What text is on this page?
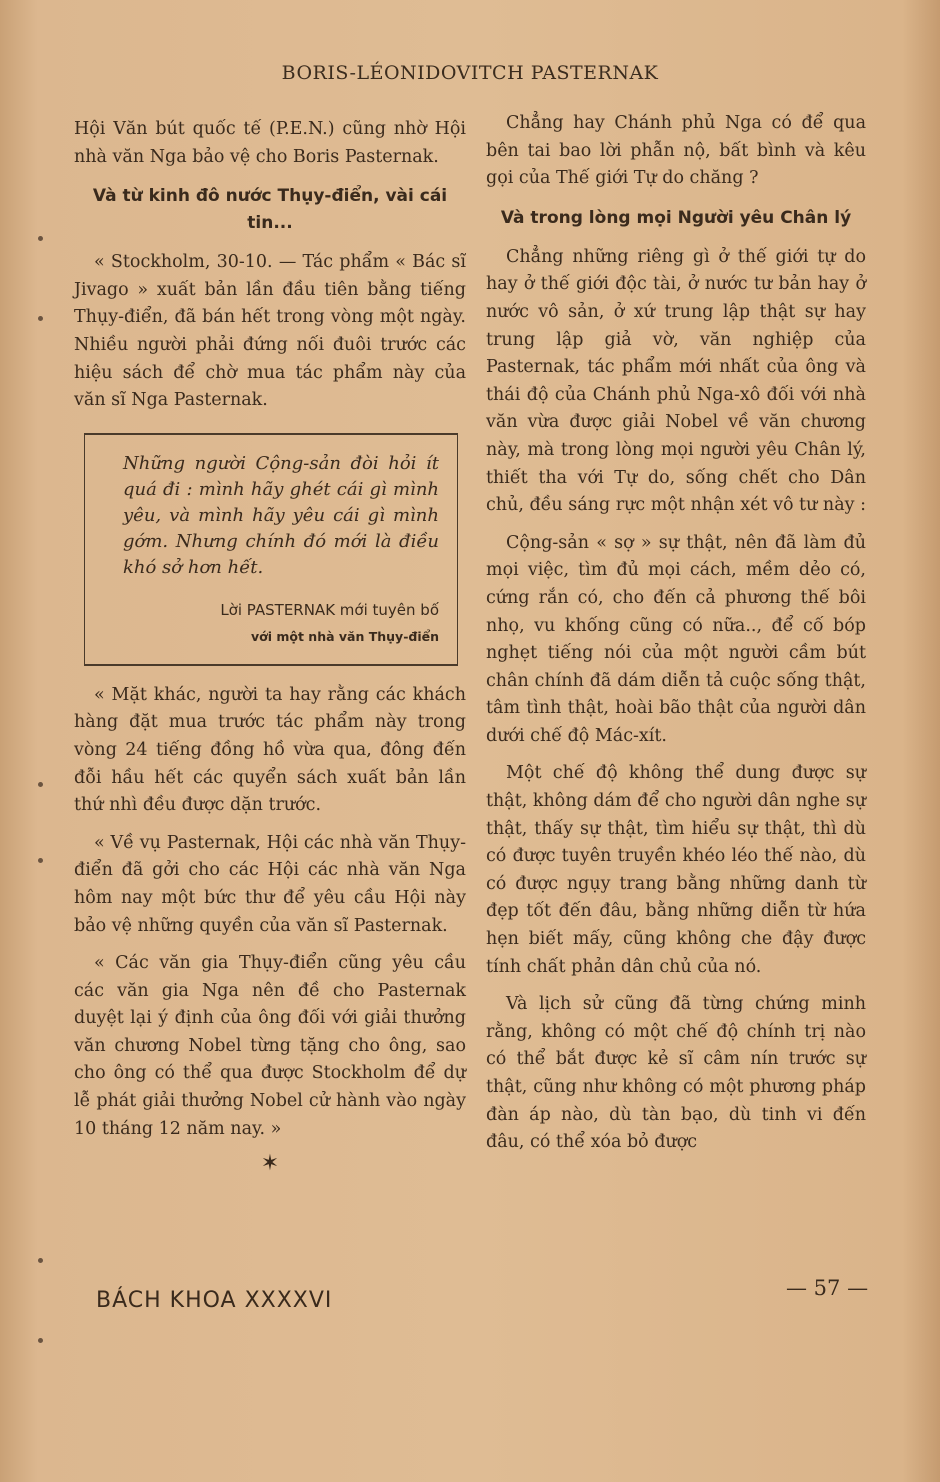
BORIS-LÉONIDOVITCH PASTERNAK

Hội Văn bút quốc tế (P.E.N.) cũng nhờ Hội nhà văn Nga bảo vệ cho Boris Pasternak.

Và từ kinh đô nước Thụy-điển, vài cái tin...

« Stockholm, 30-10. — Tác phẩm « Bác sĩ Jivago » xuất bản lần đầu tiên bằng tiếng Thụy-điển, đã bán hết trong vòng một ngày. Nhiều người phải đứng nối đuôi trước các hiệu sách để chờ mua tác phẩm này của văn sĩ Nga Pasternak.

Những người Cộng-sản đòi hỏi ít quá đi : mình hãy ghét cái gì mình yêu, và mình hãy yêu cái gì mình gớm. Nhưng chính đó mới là điều khó sở hơn hết.
Lời PASTERNAK mới tuyên bố
với một nhà văn Thụy-điển

« Mặt khác, người ta hay rằng các khách hàng đặt mua trước tác phẩm này trong vòng 24 tiếng đồng hồ vừa qua, đông đến đỗi hầu hết các quyển sách xuất bản lần thứ nhì đều được dặn trước.

« Về vụ Pasternak, Hội các nhà văn Thụy-điển đã gởi cho các Hội các nhà văn Nga hôm nay một bức thư để yêu cầu Hội này bảo vệ những quyền của văn sĩ Pasternak.

« Các văn gia Thụy-điển cũng yêu cầu các văn gia Nga nên đề cho Pasternak duyệt lại ý định của ông đối với giải thưởng văn chương Nobel từng tặng cho ông, sao cho ông có thể qua được Stockholm để dự lễ phát giải thưởng Nobel cử hành vào ngày 10 tháng 12 năm nay. »

✶

Chẳng hay Chánh phủ Nga có để qua bên tai bao lời phẫn nộ, bất bình và kêu gọi của Thế giới Tự do chăng ?

Và trong lòng mọi Người yêu Chân lý

Chẳng những riêng gì ở thế giới tự do hay ở thế giới độc tài, ở nước tư bản hay ở nước vô sản, ở xứ trung lập thật sự hay trung lập giả vờ, văn nghiệp của Pasternak, tác phẩm mới nhất của ông và thái độ của Chánh phủ Nga-xô đối với nhà văn vừa được giải Nobel về văn chương này, mà trong lòng mọi người yêu Chân lý, thiết tha với Tự do, sống chết cho Dân chủ, đều sáng rực một nhận xét vô tư này :

Cộng-sản « sợ » sự thật, nên đã làm đủ mọi việc, tìm đủ mọi cách, mềm dẻo có, cứng rắn có, cho đến cả phương thế bôi nhọ, vu khống cũng có nữa.., để cố bóp nghẹt tiếng nói của một người cầm bút chân chính đã dám diễn tả cuộc sống thật, tâm tình thật, hoài bão thật của người dân dưới chế độ Mác-xít.

Một chế độ không thể dung được sự thật, không dám để cho người dân nghe sự thật, thấy sự thật, tìm hiểu sự thật, thì dù có được tuyên truyền khéo léo thế nào, dù có được ngụy trang bằng những danh từ đẹp tốt đến đâu, bằng những diễn từ hứa hẹn biết mấy, cũng không che đậy được tính chất phản dân chủ của nó.

Và lịch sử cũng đã từng chứng minh rằng, không có một chế độ chính trị nào có thể bắt được kẻ sĩ câm nín trước sự thật, cũng như không có một phương pháp đàn áp nào, dù tàn bạo, dù tinh vi đến đâu, có thể xóa bỏ được

BÁCH KHOA XXXXVI	— 57 —
